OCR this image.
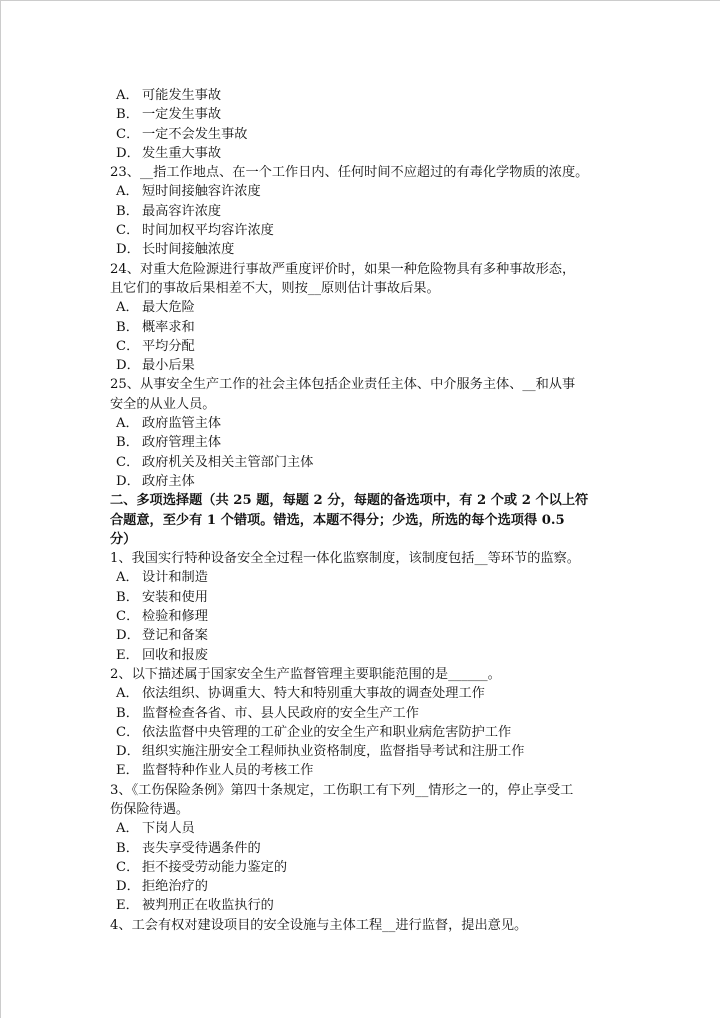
A． 可能发生事故
B． 一定发生事故
C． 一定不会发生事故
D． 发生重大事故
23、__指工作地点、在一个工作日内、任何时间不应超过的有毒化学物质的浓度。
A． 短时间接触容许浓度
B． 最高容许浓度
C． 时间加权平均容许浓度
D． 长时间接触浓度
24、对重大危险源进行事故严重度评价时，如果一种危险物具有多种事故形态，
且它们的事故后果相差不大，则按__原则估计事故后果。
A． 最大危险
B． 概率求和
C． 平均分配
D． 最小后果
25、从事安全生产工作的社会主体包括企业责任主体、中介服务主体、__和从事
安全的从业人员。
A． 政府监管主体
B． 政府管理主体
C． 政府机关及相关主管部门主体
D． 政府主体
二、多项选择题（共 25 题，每题 2 分，每题的备选项中，有 2 个或 2 个以上符
合题意，至少有 1 个错项。错选，本题不得分；少选，所选的每个选项得 0.5
分）
1、我国实行特种设备安全全过程一体化监察制度，该制度包括__等环节的监察。
A． 设计和制造
B． 安装和使用
C． 检验和修理
D． 登记和备案
E． 回收和报废
2、以下描述属于国家安全生产监督管理主要职能范围的是______。
A． 依法组织、协调重大、特大和特别重大事故的调查处理工作
B． 监督检查各省、市、县人民政府的安全生产工作
C． 依法监督中央管理的工矿企业的安全生产和职业病危害防护工作
D． 组织实施注册安全工程师执业资格制度，监督指导考试和注册工作
E． 监督特种作业人员的考核工作
3、《工伤保险条例》第四十条规定，工伤职工有下列__情形之一的，停止享受工
伤保险待遇。
A． 下岗人员
B． 丧失享受待遇条件的
C． 拒不接受劳动能力鉴定的
D． 拒绝治疗的
E． 被判刑正在收监执行的
4、工会有权对建设项目的安全设施与主体工程__进行监督，提出意见。
